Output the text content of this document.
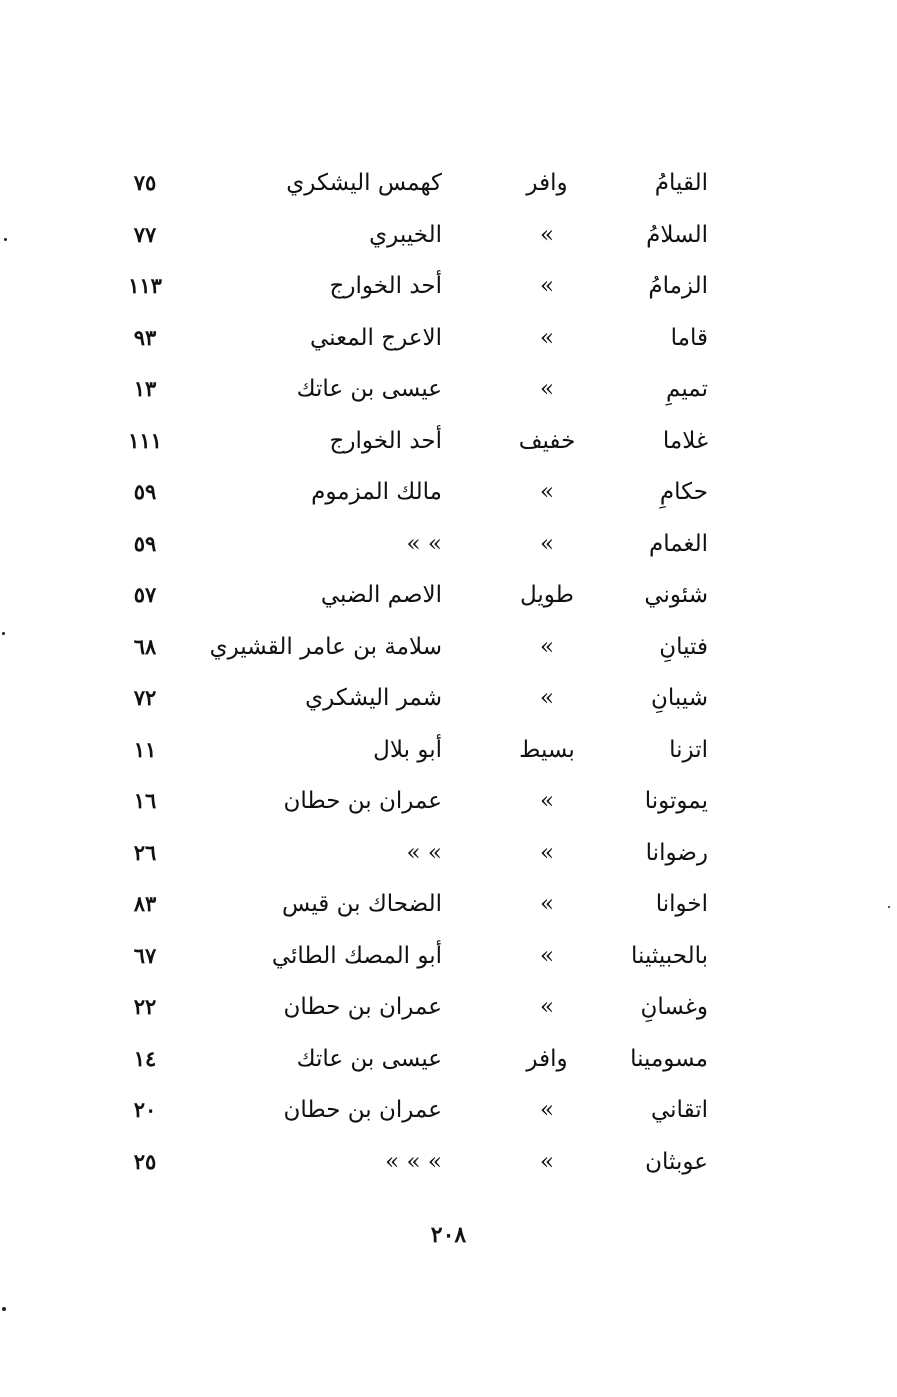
القيامُ
وافر
كهمس اليشكري
٧٥
السلامُ
»
الخيبري
٧٧
الزمامُ
»
أحد الخوارج
١١٣
قاما
»
الاعرج المعني
٩٣
تميمِ
»
عيسى بن عاتك
١٣
غلاما
خفيف
أحد الخوارج
١١١
حكامِ
»
مالك المزموم
٥٩
الغمام
»
» »
٥٩
شئوني
طويل
الاصم الضبي
٥٧
فتيانِ
»
سلامة بن عامر القشيري
٦٨
شيبانِ
»
شمر اليشكري
٧٢
اتزنا
بسيط
أبو بلال
١١
يموتونا
»
عمران بن حطان
١٦
رضوانا
»
» »
٢٦
اخوانا
»
الضحاك بن قيس
٨٣
بالحبيثينا
»
أبو المصك الطائي
٦٧
وغسانِ
»
عمران بن حطان
٢٢
مسومينا
وافر
عيسى بن عاتك
١٤
اتقاني
»
عمران بن حطان
٢٠
عوبثان
»
» » »
٢٥
٢٠٨
